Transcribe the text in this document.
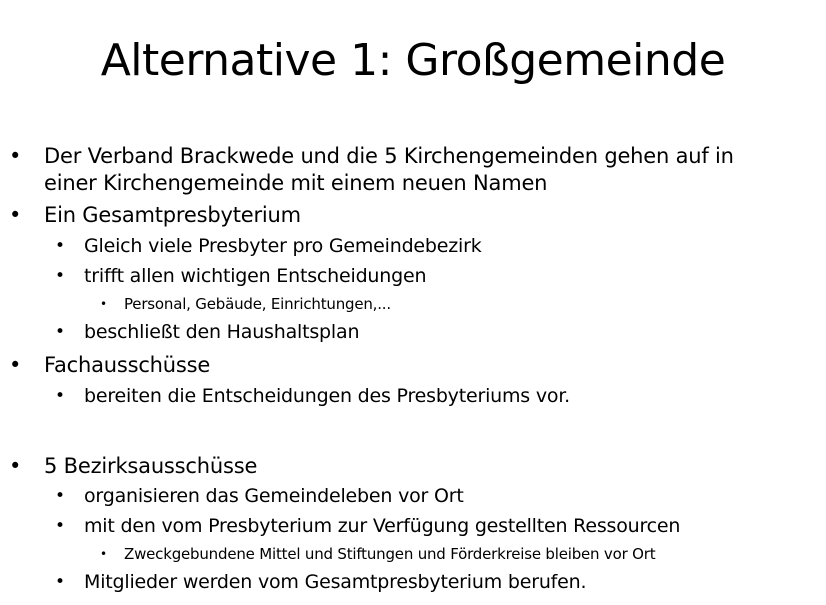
Alternative 1: Großgemeinde
• Der Verband Brackwede und die 5 Kirchengemeinden gehen auf in
einer Kirchengemeinde mit einem neuen Namen
• Ein Gesamtpresbyterium
• Gleich viele Presbyter pro Gemeindebezirk
• trifft allen wichtigen Entscheidungen
• Personal, Gebäude, Einrichtungen,...
• beschließt den Haushaltsplan
• Fachausschüsse
• bereiten die Entscheidungen des Presbyteriums vor.
• 5 Bezirksausschüsse
• organisieren das Gemeindeleben vor Ort
• mit den vom Presbyterium zur Verfügung gestellten Ressourcen
• Zweckgebundene Mittel und Stiftungen und Förderkreise bleiben vor Ort
• Mitglieder werden vom Gesamtpresbyterium berufen.
